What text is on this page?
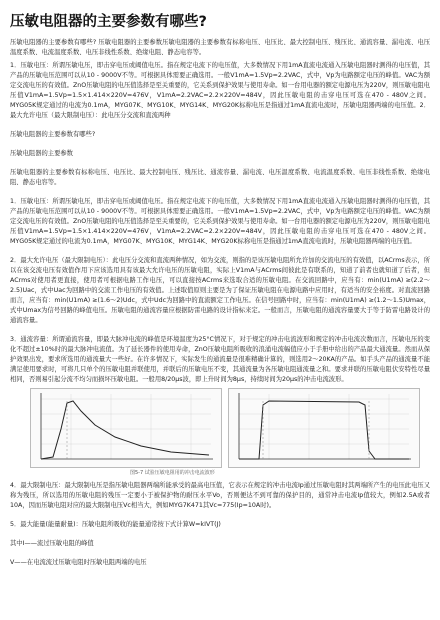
压敏电阻器的主要参数有哪些?

压敏电阻器的主要参数有哪些? 压敏电阻器的主要参数压敏电阻器的主要参数有标称电压、电压比、最大控制电压、残压比、通流容量、漏电流、电压温度系数、电流温度系数、电压非线性系数、绝缘电阻、静态电容等。

1．压敏电压：所谓压敏电压，即击穿电压或阈值电压。指在规定电流下的电压值，大多数情况下用1mA直流电流通入压敏电阻器时测得的电压值，其产品的压敏电压范围可以从10 - 9000V不等。可根据具体需要正确选用。一般V1mA=1.5Vp=2.2VAC，式中，Vp为电路额定电压的峰值。VAC为额定交流电压的有效值。ZnO压敏电阻的电压值选择是至关重要的，它关系到保护效果与使用寿命。如一台用电器的额定电源电压为220V，则压敏电阻电压值V1mA=1.5Vp=1.5×1.414×220V=476V，V1mA=2.2VAC=2.2×220V=484V，因此压敏电阻的击穿电压可选在470 - 480V之间。MYG05K规定通过的电流为0.1mA，MYG07K、MYG10K、MYG14K、MYG20K标称电压是指通过1mA直流电流时，压敏电阻器两端的电压值。2．最大允许电压（最大限制电压）：此电压分交流和直流两种

压敏电阻器的主要参数有哪些?

压敏电阻器的主要参数

压敏电阻器的主要参数有标称电压、电压比、最大控制电压、残压比、通流容量、漏电流、电压温度系数、电流温度系数、电压非线性系数、绝缘电阻、静态电容等。

1．压敏电压：所谓压敏电压，即击穿电压或阈值电压。指在规定电流下的电压值，大多数情况下用1mA直流电流通入压敏电阻器时测得的电压值，其产品的压敏电压范围可以从10 - 9000V不等。可根据具体需要正确选用。一般V1mA=1.5Vp=2.2VAC，式中，Vp为电路额定电压的峰值。VAC为额定交流电压的有效值。ZnO压敏电阻的电压值选择是至关重要的，它关系到保护效果与使用寿命。如一台用电器的额定电源电压为220V，则压敏电阻电压值V1mA=1.5Vp=1.5×1.414×220V=476V，V1mA=2.2VAC=2.2×220V=484V，因此压敏电阻的击穿电压可选在470 - 480V之间。MYG05K规定通过的电流为0.1mA，MYG07K、MYG10K、MYG14K、MYG20K标称电压是指通过1mA直流电流时，压敏电阻器两端的电压值。

2．最大允许电压（最大限制电压）：此电压分交流和直流两种情况，如为交流，则指的是该压敏电阻所允许加的交流电压的有效值，以ACrms表示，所以在该交流电压有效值作用下应该选用具有该最大允许电压的压敏电阻，实际上V1mA与ACrms间彼此是有联系的，知道了前者也就知道了后者，但ACrms对使用者更直接，使用者可根据电路工作电压，可以直接按ACrms来选取合适的压敏电阻。在交流回路中，应当有：min(U1mA) ≥(2.2～2.5)Uac，式中Uac为回路中的交流工作电压的有效值。上述取值原则主要是为了保证压敏电阻在电源电路中应用时，有适当的安全裕度。对直流回路而言，应当有：min(U1mA) ≥(1.6～2)Udc，式中Udc为回路中的直流额定工作电压。在信号回路中时，应当有：min(U1mA) ≥(1.2～1.5)Umax，式中Umax为信号回路的峰值电压。压敏电阻的通流容量应根据防雷电路的设计指标来定。一般而言，压敏电阻的通流容量要大于等于防雷电路设计的通流容量。

3．通流容量：所谓通流容量，即最大脉冲电流的峰值是环境温度为25°C情况下，对于规定的冲击电流波形和规定的冲击电流次数而言，压敏电压的变化不超过±10%时的最大脉冲电流值。为了延长器件的使用寿命，ZnO压敏电阻所吸收的浪涌电流幅值应小于手册中给出的产品最大通流量。然而从保护效果出发，要求所选用的通流量大一些好。在许多情况下，实际发生的通流量是很难精确计算的，则选用2～20KA的产品。如手头产品的通流量不能满足使用要求时，可将几只单个的压敏电阻并联使用，并联后的压敏电压不变，其通流量为各压敏电阻通流量之和。要求并联的压敏电阻伏安特性尽量相同，否则易引起分流不均匀而损坏压敏电阻。一般用8/20μs波，即上升时间为8μs，持续时间为20μs的冲击电流波形。

图5-7 试验压敏电阻用的冲击电流波形

4．最大限制电压：最大限制电压是指压敏电阻器两端所能承受的最高电压值，它表示在规定的冲击电流Ip通过压敏电阻时其两端所产生的电压此电压又称为残压，所以选用的压敏电阻的残压一定要小于被保护物的耐压水平Vo，否则便达不到可靠的保护目的，通常冲击电流Ip值较大，例如2.5A或者10A，因而压敏电阻对应的最大限制电压Vc相当大，例如MYG7K471其Vc=775(Ip=10A时)。

5．最大能量(能量耐量)：压敏电阻所吸收的能量通常按下式计算W=kIVT(J)

其中I——流过压敏电阻的峰值

V——在电流流过压敏电阻时压敏电阻两端的电压
